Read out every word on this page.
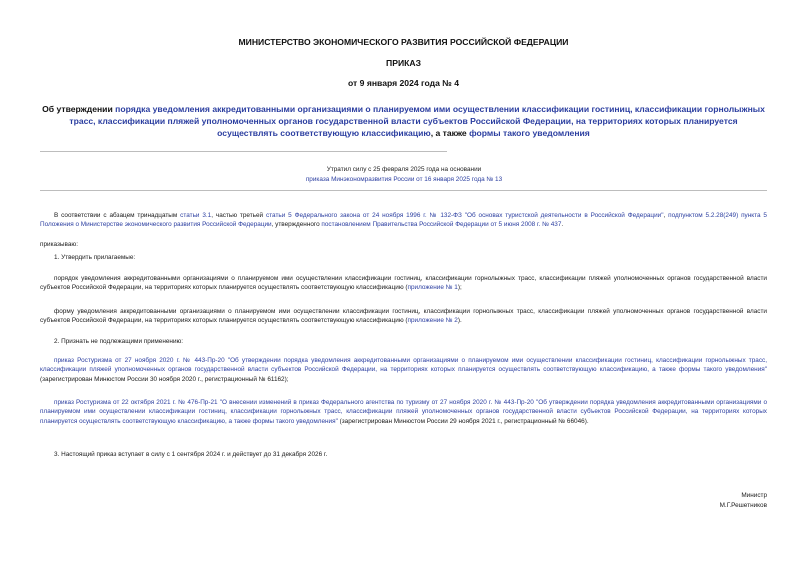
МИНИСТЕРСТВО ЭКОНОМИЧЕСКОГО РАЗВИТИЯ РОССИЙСКОЙ ФЕДЕРАЦИИ
ПРИКАЗ
от 9 января 2024 года № 4
Об утверждении порядка уведомления аккредитованными организациями о планируемом ими осуществлении классификации гостиниц, классификации горнолыжных трасс, классификации пляжей уполномоченных органов государственной власти субъектов Российской Федерации, на территориях которых планируется осуществлять соответствующую классификацию, а также формы такого уведомления
Утратил силу с 25 февраля 2025 года на основании
приказа Минэкономразвития России от 16 января 2025 года № 13
В соответствии с абзацем тринадцатым статьи 3.1, частью третьей статьи 5 Федерального закона от 24 ноября 1996 г. № 132-ФЗ "Об основах туристской деятельности в Российской Федерации", подпунктом 5.2.28(249) пункта 5 Положения о Министерстве экономического развития Российской Федерации, утвержденного постановлением Правительства Российской Федерации от 5 июня 2008 г. № 437.
приказываю:
1. Утвердить прилагаемые:
порядок уведомления аккредитованными организациями о планируемом ими осуществлении классификации гостиниц, классификации горнолыжных трасс, классификации пляжей уполномоченных органов государственной власти субъектов Российской Федерации, на территориях которых планируется осуществлять соответствующую классификацию (приложение № 1);
форму уведомления аккредитованными организациями о планируемом ими осуществлении классификации гостиниц, классификации горнолыжных трасс, классификации пляжей уполномоченных органов государственной власти субъектов Российской Федерации, на территориях которых планируется осуществлять соответствующую классификацию (приложение № 2).
2. Признать не подлежащими применению:
приказ Ростуризма от 27 ноября 2020 г. № 443-Пр-20 "Об утверждении порядка уведомления аккредитованными организациями о планируемом ими осуществлении классификации гостиниц, классификации горнолыжных трасс, классификации пляжей уполномоченных органов государственной власти субъектов Российской Федерации, на территориях которых планируется осуществлять соответствующую классификацию, а также формы такого уведомления" (зарегистрирован Минюстом России 30 ноября 2020 г., регистрационный № 61162);
приказ Ростуризма от 22 октября 2021 г. № 476-Пр-21 "О внесении изменений в приказ Федерального агентства по туризму от 27 ноября 2020 г. № 443-Пр-20 "Об утверждении порядка уведомления аккредитованными организациями о планируемом ими осуществлении классификации гостиниц, классификации горнолыжных трасс, классификации пляжей уполномоченных органов государственной власти субъектов Российской Федерации, на территориях которых планируется осуществлять соответствующую классификацию, а также формы такого уведомления" (зарегистрирован Минюстом России 29 ноября 2021 г., регистрационный № 66046).
3. Настоящий приказ вступает в силу с 1 сентября 2024 г. и действует до 31 декабря 2026 г.
Министр
М.Г.Решетников
